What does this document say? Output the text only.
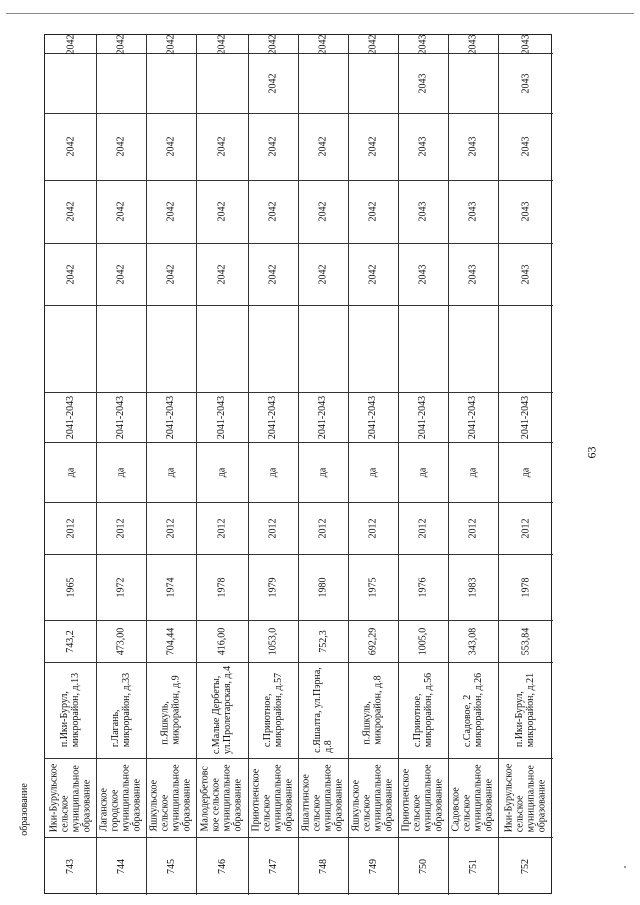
образование
2042
2042
2042
2042
2041-2043
да
2012
1965
743,2
п.Ики-Бурул,
микрорайон, д.13
Ики-Бурульское
сельское
муниципальное
образование
743
2042
2042
2042
2042
2041-2043
да
2012
1972
473,00
г.Лагань,
микрорайон, д.33
Лаганское
городское
муниципальное
образование
744
2042
2042
2042
2042
2041-2043
да
2012
1974
704,44
п.Яшкуль,
микрорайон, д.9
Яшкульское
сельское
муниципальное
образование
745
2042
2042
2042
2042
2041-2043
да
2012
1978
416,00
с.Малые Дербеты,
ул.Пролетарская, д.4
Малодербетовс
кое сельское
муниципальное
образование
746
2042
2042
2042
2042
2042
2041-2043
да
2012
1979
1053,0
с.Приютное,
микрорайон, д.57
Приютненское
сельское
муниципальное
образование
747
2042
2042
2042
2042
2041-2043
да
2012
1980
752,3
с.Яшалта, ул.Пэрна,
д.8
Яшалтинское
сельское
муниципальное
образование
748
2042
2042
2042
2042
2041-2043
да
2012
1975
692,29
п.Яшкуль,
микрорайон, д.8
Яшкульское
сельское
муниципальное
образование
749
2043
2043
2043
2043
2043
2041-2043
да
2012
1976
1005,0
с.Приютное,
микрорайон, д.56
Приютненское
сельское
муниципальное
образование
750
2043
2043
2043
2043
2041-2043
да
2012
1983
343,08
с.Садовое, 2
микрорайон, д.26
Садовское
сельское
муниципальное
образование
751
2043
2043
2043
2043
2043
2041-2043
да
2012
1978
553,84
п.Ики-Бурул,
микрорайон, д.21
Ики-Бурульское
сельское
муниципальное
образование
752
63
